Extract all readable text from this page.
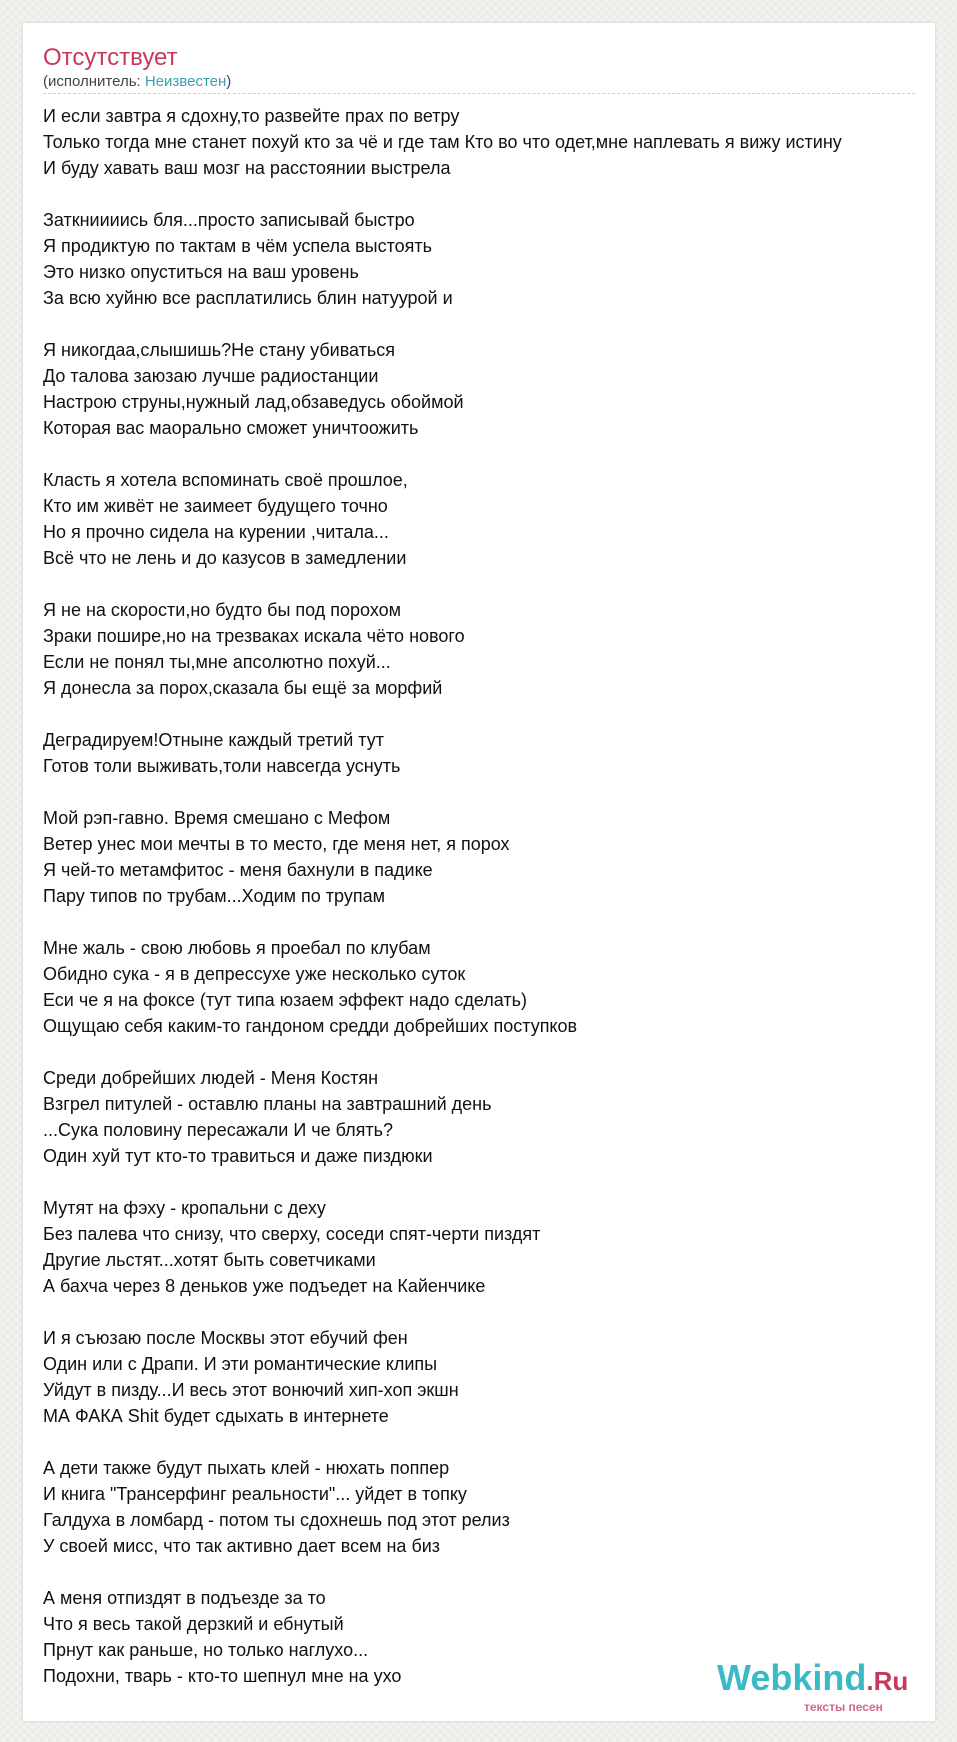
Отсутствует
(исполнитель: Неизвестен)
И если завтра я сдохну,то развейте прах по ветру
Только тогда мне станет похуй кто за чё и где там Кто во что одет,мне наплевать я вижу истину
И буду хавать ваш мозг на расстоянии выстрела
Заткниииись бля...просто записывай быстро
Я продиктую по тактам в чём успела выстоять
Это низко опуститься на ваш уровень
За всю хуйню все расплатились блин натуурой и
Я никогдаа,слышишь?Не стану убиваться
До талова заюзаю лучше радиостанции
Настрою струны,нужный лад,обзаведусь обоймой
Которая вас маорально сможет уничтоожить
Класть я хотела вспоминать своё прошлое,
Кто им живёт не заимеет будущего точно
Но я прочно сидела на курении ,читала...
Всё что не лень и до казусов в замедлении
Я не на скорости,но будто бы под порохом
Зраки пошире,но на трезваках искала чёто нового
Если не понял ты,мне апсолютно похуй...
Я донесла за порох,сказала бы ещё за морфий
Деградируем!Отныне каждый третий тут
Готов толи выживать,толи навсегда уснуть
Мой рэп-гавно. Время смешано с Мефом
Ветер унес мои мечты в то место, где меня нет, я порох
Я чей-то метамфитос - меня бахнули в падике
Пару типов по трубам...Ходим по трупам
Мне жаль - свою любовь я проебал по клубам
Обидно сука - я в депрессухе уже несколько суток
Еси че я на фоксе (тут типа юзаем эффект надо сделать)
Ощущаю себя каким-то гандоном средди добрейших поступков
Среди добрейших людей - Меня Костян
Взгрел питулей - оставлю планы на завтрашний день
...Сука половину пересажали И че блять?
Один хуй тут кто-то травиться и даже пиздюки
Мутят на фэху - кропальни с деху
Без палева что снизу, что сверху, соседи спят-черти пиздят
Другие льстят...хотят быть советчиками
А бахча через 8 деньков уже подъедет на Кайенчике
И я съюзаю после Москвы этот ебучий фен
Один или с Драпи. И эти романтические клипы
Уйдут в пизду...И весь этот вонючий хип-хоп экшн
МА ФАКА Shit будет сдыхать в интернете
А дети также будут пыхать клей - нюхать поппер
И книга "Трансерфинг реальности"... уйдет в топку
Галдуха в ломбард - потом ты сдохнешь под этот релиз
У своей мисс, что так активно дает всем на биз
А меня отпиздят в подъезде за то
Что я весь такой дерзкий и ебнутый
Прнут как раньше, но только наглухо...
Подохни, тварь - кто-то шепнул мне на ухо	Webkind.Ru
тексты песен
